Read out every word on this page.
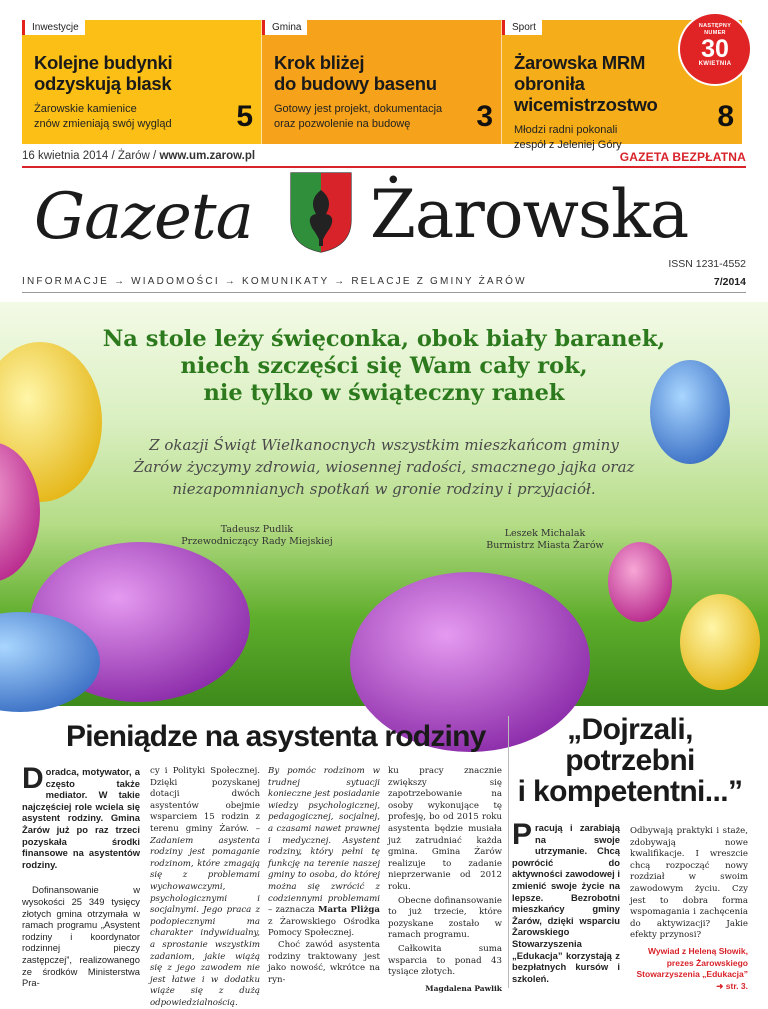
Inwestycje
Kolejne budynki
odzyskują blask
Żarowskie kamienice
znów zmieniają swój wygląd	5
Gmina
Krok bliżej
do budowy basenu
Gotowy jest projekt, dokumentacja
oraz pozwolenie na budowę	3
Sport
Żarowska MRM
obroniła wicemistrzostwo
Młodzi radni pokonali
zespół z Jeleniej Góry
8
NASTĘPNY
NUMER
30
KWIETNIA
16 kwietnia 2014 / Żarów / www.um.zarow.pl	GAZETA BEZPŁATNA
Gazeta Żarowska
ISSN 1231-4552
INFORMACJE → WIADOMOŚCI → KOMUNIKATY → RELACJE Z GMINY ŻARÓW	7/2014
Na stole leży święconka, obok biały baranek,
niech szczęści się Wam cały rok,
nie tylko w świąteczny ranek
Z okazji Świąt Wielkanocnych wszystkim mieszkańcom gminy
Żarów życzymy zdrowia, wiosennej radości, smacznego jajka oraz
niezapomnianych spotkań w gronie rodziny i przyjaciół.
Tadeusz Pudlik
Przewodniczący Rady Miejskiej
Leszek Michalak
Burmistrz Miasta Żarów
Pieniądze na asystenta rodziny
Doradca, motywator, a często także mediator. W takie najczęściej role wciela się asystent rodziny. Gmina Żarów już po raz trzeci pozyskała środki finansowe na asystentów rodziny.

Dofinansowanie w wysokości 25 349 tysięcy złotych gmina otrzymała w ramach programu „Asystent rodziny i koordynator rodzinnej pieczy zastępczej”, realizowanego ze środków Ministerstwa Pra-

cy i Polityki Społecznej. Dzięki pozyskanej dotacji dwóch asystentów obejmie wsparciem 15 rodzin z terenu gminy Żarów. – Zadaniem asystenta rodziny jest pomaganie rodzinom, które zmagają się z problemami wychowawczymi, psychologicznymi i socjalnymi. Jego praca z podopiecznymi ma charakter indywidualny, a sprostanie wszystkim zadaniom, jakie wiążą się z jego zawodem nie jest łatwe i w dodatku wiąże się z dużą odpowiedzialnością.
By pomóc rodzinom w trudnej sytuacji konieczne jest posiadanie wiedzy psychologicznej, pedagogicznej, socjalnej, a czasami nawet prawnej i medycznej. Asystent rodziny, który pełni tę funkcję na terenie naszej gminy to osoba, do której można się zwrócić z codziennymi problemami – zaznacza Marta Pliżga z Żarowskiego Ośrodka Pomocy Społecznej.

Choć zawód asystenta rodziny traktowany jest jako nowość, wkrótce na ryn-

ku pracy znacznie zwiększy się zapotrzebowanie na osoby wykonujące tę profesję, bo od 2015 roku asystenta będzie musiała już zatrudniać każda gmina. Gmina Żarów realizuje to zadanie nieprzerwanie od 2012 roku.

Obecne dofinansowanie to już trzecie, które pozyskane zostało w ramach programu.

Całkowita suma wsparcia to ponad 43 tysiące złotych.

Magdalena Pawlik

„Dojrzali,
potrzebni
i kompetentni...”
Pracują i zarabiają na swoje utrzymanie. Chcą powrócić do aktywności zawodowej i zmienić swoje życie na lepsze. Bezrobotni mieszkańcy gminy Żarów, dzięki wsparciu Żarowskiego Stowarzyszenia „Edukacja” korzystają z bezpłatnych kursów i szkoleń.

Odbywają praktyki i staże, zdobywają nowe kwalifikacje. I wreszcie chcą rozpocząć nowy rozdział w swoim zawodowym życiu. Czy jest to dobra forma wspomagania i zachęcenia do aktywizacji? Jakie efekty przynosi?

Wywiad z Heleną Słowik,
prezes Żarowskiego
Stowarzyszenia „Edukacja” ➜ str. 3.
